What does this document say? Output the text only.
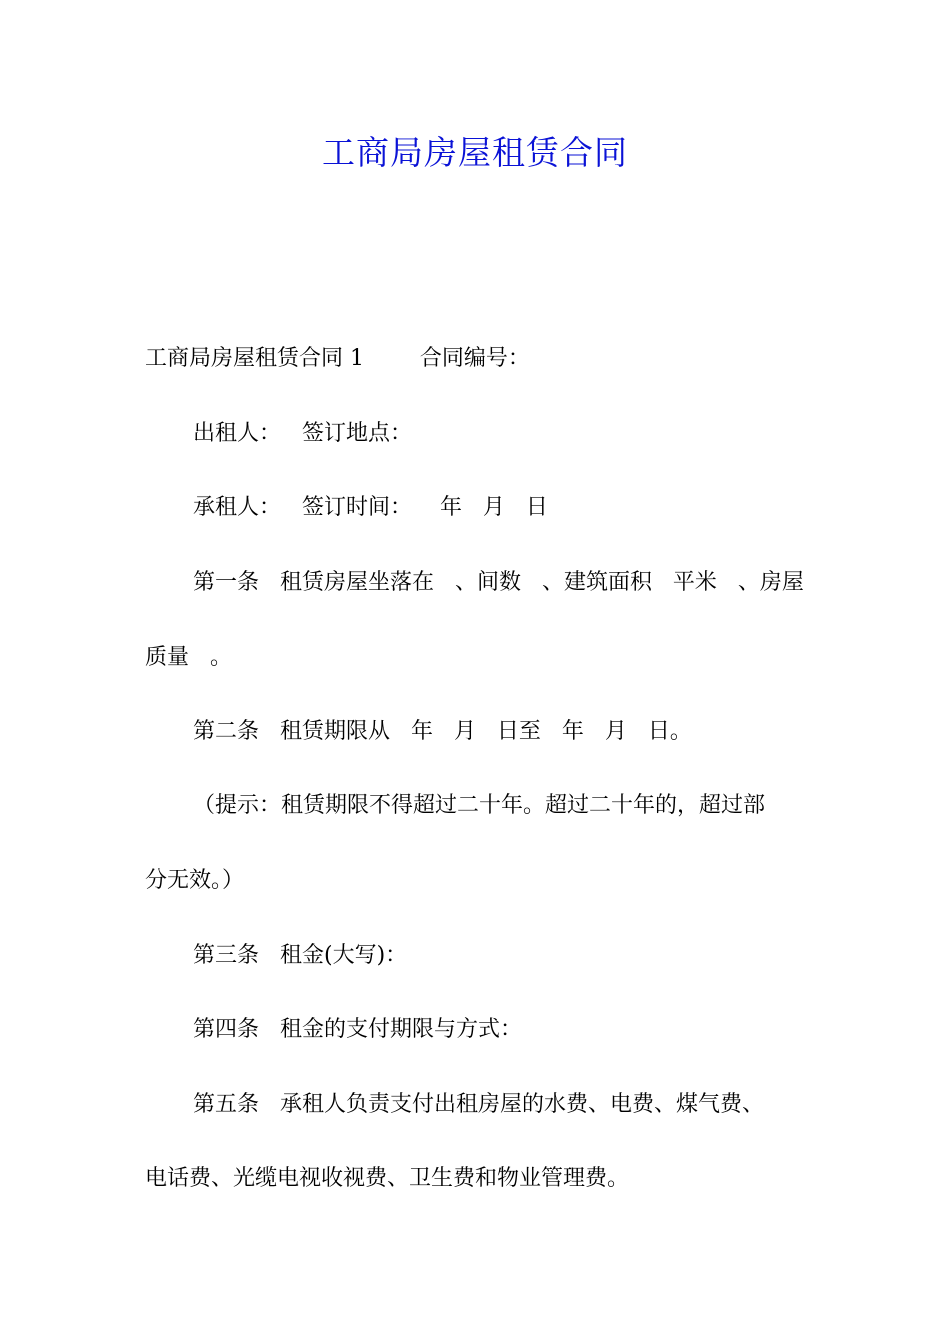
工商局房屋租赁合同
工商局房屋租赁合同 1        合同编号：
出租人：   签订地点：
承租人：   签订时间：    年   月   日
第一条   租赁房屋坐落在   、间数   、建筑面积   平米   、房屋
质量   。
第二条   租赁期限从   年   月   日至   年   月   日。
（提示：租赁期限不得超过二十年。超过二十年的，超过部
分无效。）
第三条   租金(大写)：
第四条   租金的支付期限与方式：
第五条   承租人负责支付出租房屋的水费、电费、煤气费、
电话费、光缆电视收视费、卫生费和物业管理费。
